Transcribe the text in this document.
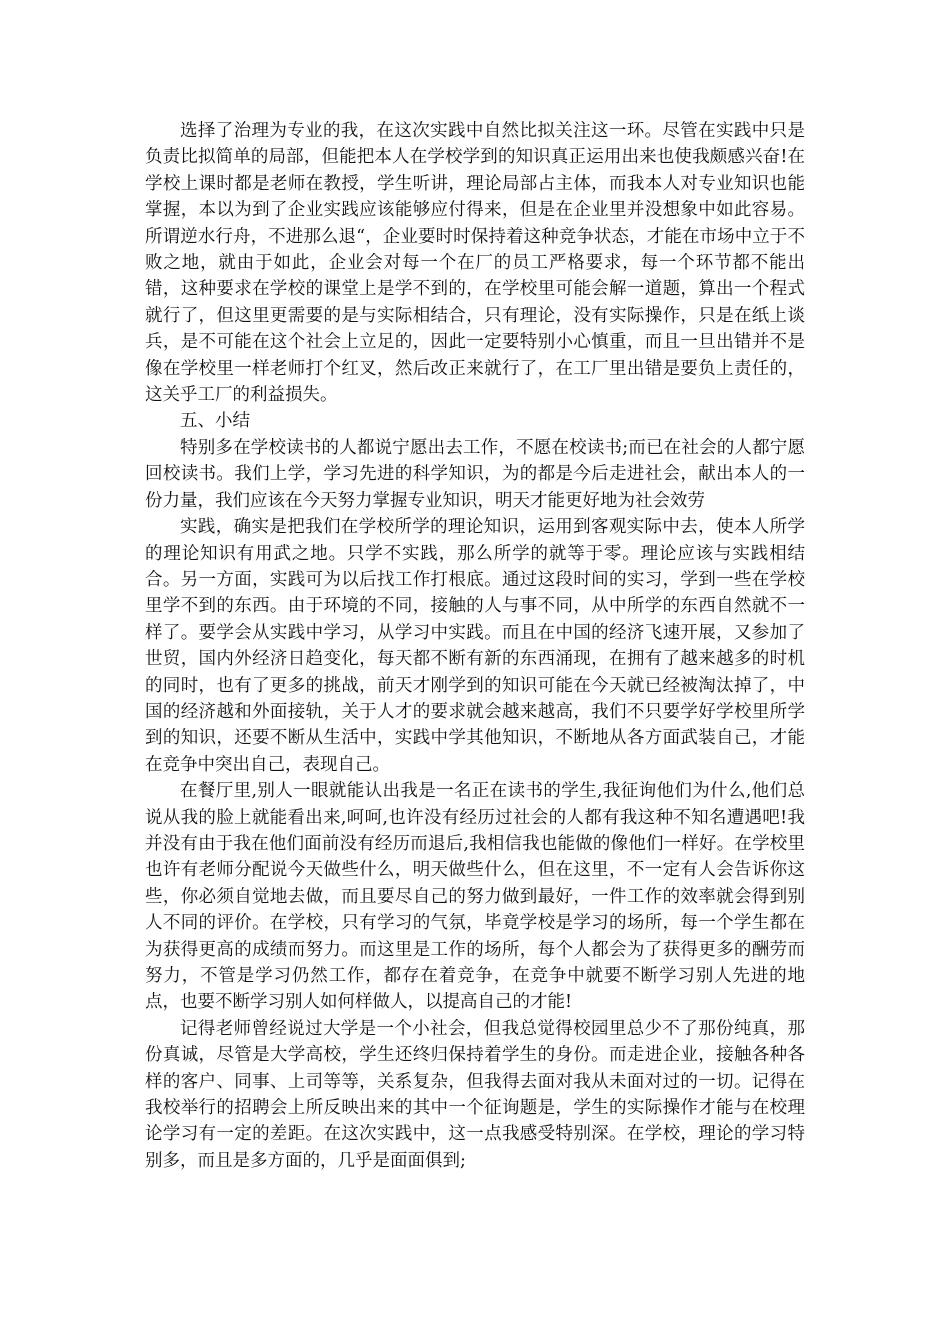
选择了治理为专业的我，在这次实践中自然比拟关注这一环。尽管在实践中只是负责比拟简单的局部，但能把本人在学校学到的知识真正运用出来也使我颇感兴奋!在学校上课时都是老师在教授，学生听讲，理论局部占主体，而我本人对专业知识也能掌握，本以为到了企业实践应该能够应付得来，但是在企业里并没想象中如此容易。所谓逆水行舟，不进那么退“，企业要时时保持着这种竞争状态，才能在市场中立于不败之地，就由于如此，企业会对每一个在厂的员工严格要求，每一个环节都不能出错，这种要求在学校的课堂上是学不到的，在学校里可能会解一道题，算出一个程式就行了，但这里更需要的是与实际相结合，只有理论，没有实际操作，只是在纸上谈兵，是不可能在这个社会上立足的，因此一定要特别小心慎重，而且一旦出错并不是像在学校里一样老师打个红叉，然后改正来就行了，在工厂里出错是要负上责任的，这关乎工厂的利益损失。

五、小结

特别多在学校读书的人都说宁愿出去工作，不愿在校读书;而已在社会的人都宁愿回校读书。我们上学，学习先进的科学知识，为的都是今后走进社会，献出本人的一份力量，我们应该在今天努力掌握专业知识，明天才能更好地为社会效劳

实践，确实是把我们在学校所学的理论知识，运用到客观实际中去，使本人所学的理论知识有用武之地。只学不实践，那么所学的就等于零。理论应该与实践相结合。另一方面，实践可为以后找工作打根底。通过这段时间的实习，学到一些在学校里学不到的东西。由于环境的不同，接触的人与事不同，从中所学的东西自然就不一样了。要学会从实践中学习，从学习中实践。而且在中国的经济飞速开展，又参加了世贸，国内外经济日趋变化，每天都不断有新的东西涌现，在拥有了越来越多的时机的同时，也有了更多的挑战，前天才刚学到的知识可能在今天就已经被淘汰掉了，中国的经济越和外面接轨，关于人才的要求就会越来越高，我们不只要学好学校里所学到的知识，还要不断从生活中，实践中学其他知识，不断地从各方面武装自己，才能在竞争中突出自己，表现自己。

在餐厅里,别人一眼就能认出我是一名正在读书的学生,我征询他们为什么,他们总说从我的脸上就能看出来,呵呵,也许没有经历过社会的人都有我这种不知名遭遇吧!我并没有由于我在他们面前没有经历而退后,我相信我也能做的像他们一样好。在学校里也许有老师分配说今天做些什么，明天做些什么，但在这里，不一定有人会告诉你这些，你必须自觉地去做，而且要尽自己的努力做到最好，一件工作的效率就会得到别人不同的评价。在学校，只有学习的气氛，毕竟学校是学习的场所，每一个学生都在为获得更高的成绩而努力。而这里是工作的场所，每个人都会为了获得更多的酬劳而努力，不管是学习仍然工作，都存在着竞争，在竞争中就要不断学习别人先进的地点，也要不断学习别人如何样做人，以提高自己的才能!

记得老师曾经说过大学是一个小社会，但我总觉得校园里总少不了那份纯真，那份真诚，尽管是大学高校，学生还终归保持着学生的身份。而走进企业，接触各种各样的客户、同事、上司等等，关系复杂，但我得去面对我从未面对过的一切。记得在我校举行的招聘会上所反映出来的其中一个征询题是，学生的实际操作才能与在校理论学习有一定的差距。在这次实践中，这一点我感受特别深。在学校，理论的学习特别多，而且是多方面的，几乎是面面俱到;
